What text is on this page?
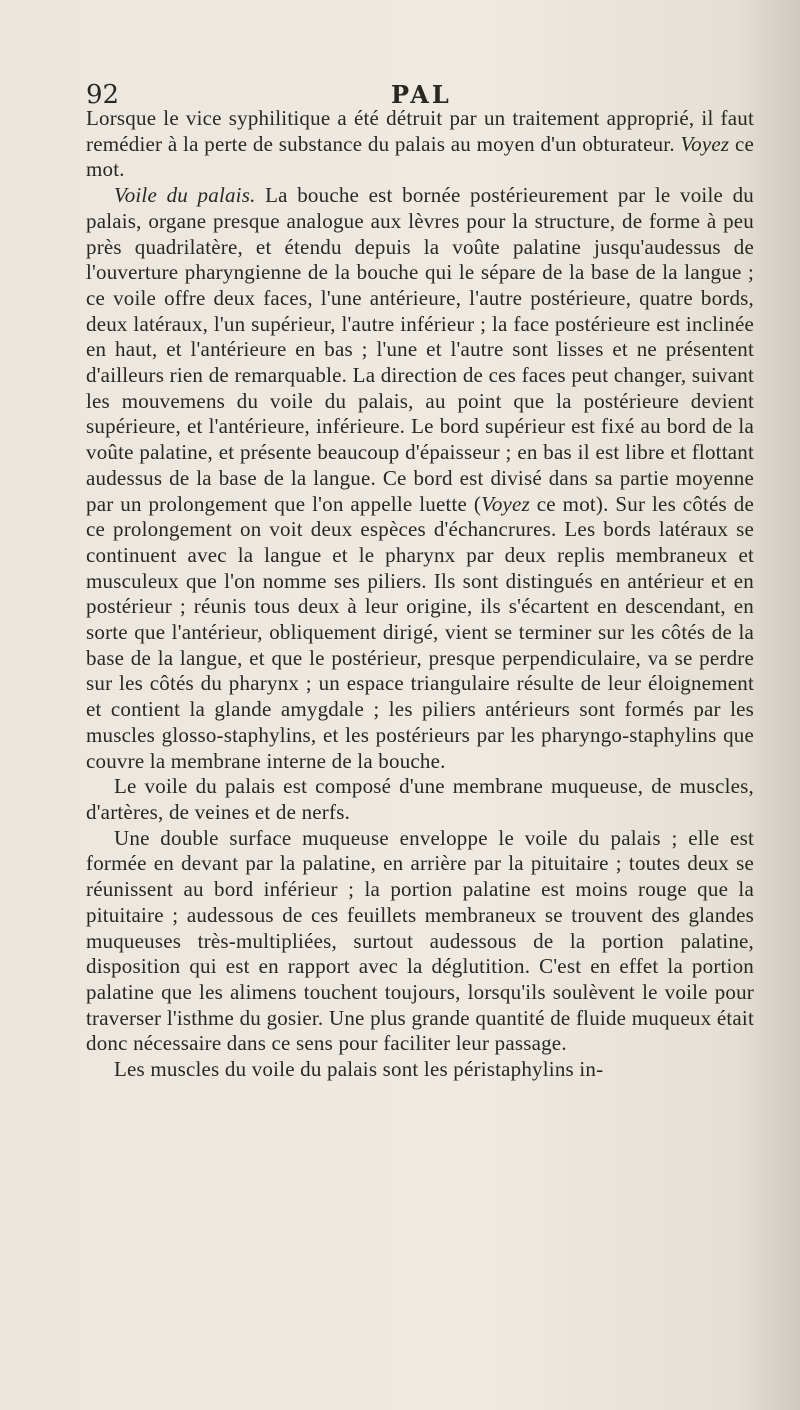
92	PAL

Lorsque le vice syphilitique a été détruit par un traitement approprié, il faut remédier à la perte de substance du palais au moyen d'un obturateur. Voyez ce mot.

Voile du palais. La bouche est bornée postérieurement par le voile du palais, organe presque analogue aux lèvres pour la structure, de forme à peu près quadrilatère, et étendu depuis la voûte palatine jusqu'audessus de l'ouverture pharyngienne de la bouche qui le sépare de la base de la langue ; ce voile offre deux faces, l'une antérieure, l'autre postérieure, quatre bords, deux latéraux, l'un supérieur, l'autre inférieur ; la face postérieure est inclinée en haut, et l'antérieure en bas ; l'une et l'autre sont lisses et ne présentent d'ailleurs rien de remarquable. La direction de ces faces peut changer, suivant les mouvemens du voile du palais, au point que la postérieure devient supérieure, et l'antérieure, inférieure. Le bord supérieur est fixé au bord de la voûte palatine, et présente beaucoup d'épaisseur ; en bas il est libre et flottant audessus de la base de la langue. Ce bord est divisé dans sa partie moyenne par un prolongement que l'on appelle luette (Voyez ce mot). Sur les côtés de ce prolongement on voit deux espèces d'échancrures. Les bords latéraux se continuent avec la langue et le pharynx par deux replis membraneux et musculeux que l'on nomme ses piliers. Ils sont distingués en antérieur et en postérieur ; réunis tous deux à leur origine, ils s'écartent en descendant, en sorte que l'antérieur, obliquement dirigé, vient se terminer sur les côtés de la base de la langue, et que le postérieur, presque perpendiculaire, va se perdre sur les côtés du pharynx ; un espace triangulaire résulte de leur éloignement et contient la glande amygdale ; les piliers antérieurs sont formés par les muscles glosso-staphylins, et les postérieurs par les pharyngo-staphylins que couvre la membrane interne de la bouche.

Le voile du palais est composé d'une membrane muqueuse, de muscles, d'artères, de veines et de nerfs.

Une double surface muqueuse enveloppe le voile du palais ; elle est formée en devant par la palatine, en arrière par la pituitaire ; toutes deux se réunissent au bord inférieur ; la portion palatine est moins rouge que la pituitaire ; audessous de ces feuillets membraneux se trouvent des glandes muqueuses très-multipliées, surtout audessous de la portion palatine, disposition qui est en rapport avec la déglutition. C'est en effet la portion palatine que les alimens touchent toujours, lorsqu'ils soulèvent le voile pour traverser l'isthme du gosier. Une plus grande quantité de fluide muqueux était donc nécessaire dans ce sens pour faciliter leur passage.

Les muscles du voile du palais sont les péristaphylins in-
